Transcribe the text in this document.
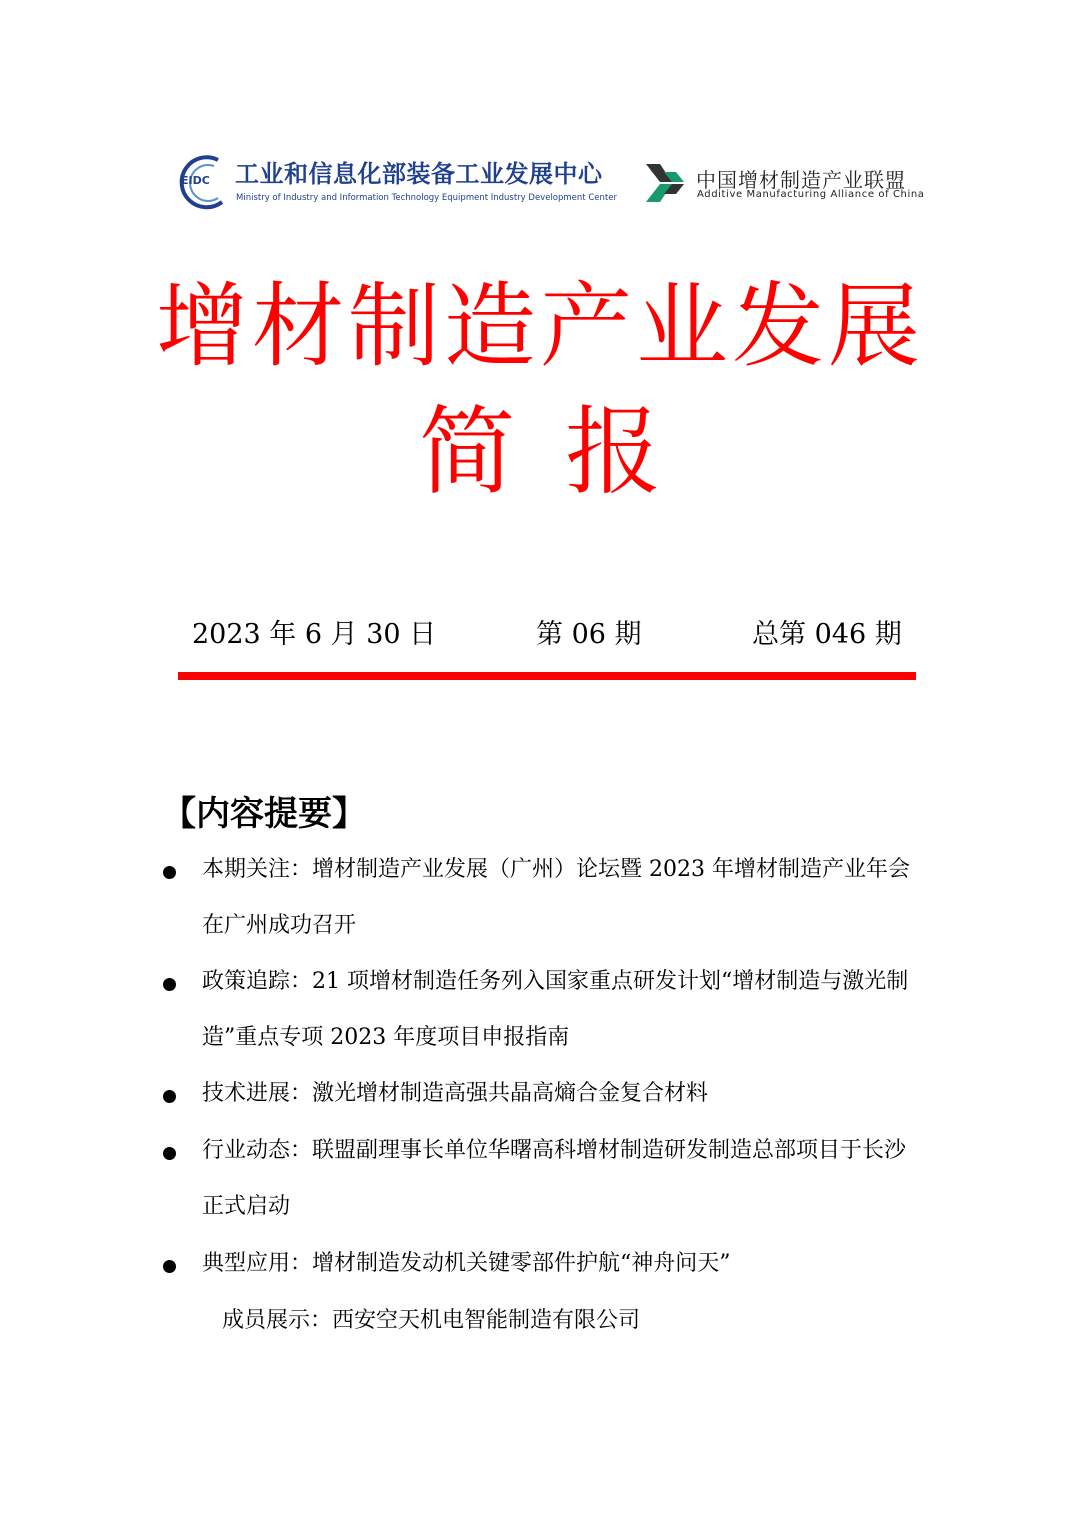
EIDC 工业和信息化部装备工业发展中心
Ministry of Industry and Information Technology Equipment Industry Development Center
中国增材制造产业联盟
Additive Manufacturing Alliance of China
增材制造产业发展
简报
2023 年 6 月 30 日	第 06 期	总第 046 期
【内容提要】
本期关注：增材制造产业发展（广州）论坛暨 2023 年增材制造产业年会在广州成功召开
政策追踪：21 项增材制造任务列入国家重点研发计划“增材制造与激光制造”重点专项 2023 年度项目申报指南
技术进展：激光增材制造高强共晶高熵合金复合材料
行业动态：联盟副理事长单位华曙高科增材制造研发制造总部项目于长沙正式启动
典型应用：增材制造发动机关键零部件护航“神舟问天”
成员展示：西安空天机电智能制造有限公司
